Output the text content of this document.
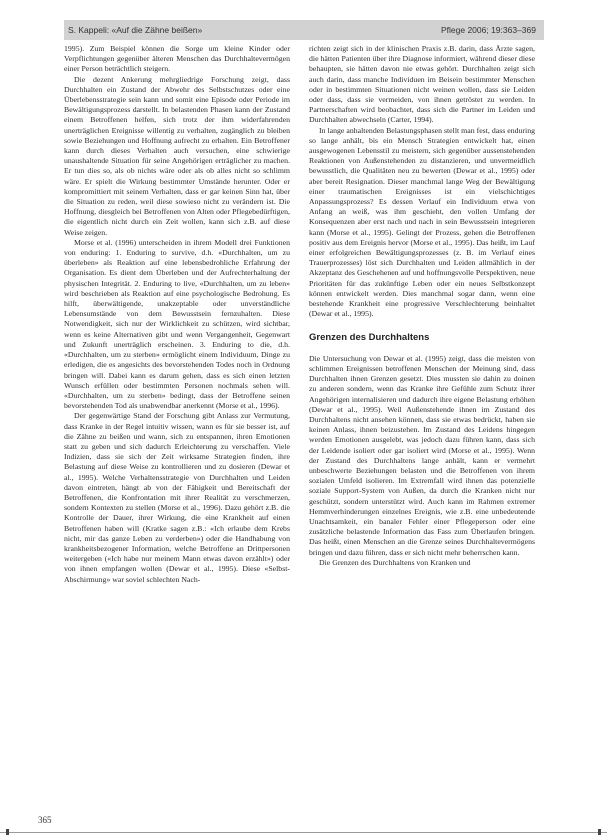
S. Kappeli: «Auf die Zähne beißen»	Pflege 2006; 19:363–369

1995). Zum Beispiel können die Sorge um kleine Kinder oder Verpflichtungen gegenüber älteren Menschen das Durchhaltevermögen einer Person beträchtlich steigern.

Die dezent Ankerung mehrgliedrige Forschung zeigt, dass Durchhalten ein Zustand der Abwehr des Selbstschutzes oder eine Überlebensstrategie sein kann und somit eine Episode oder Periode im Bewältigungsprozess darstellt. In belastenden Phasen kann der Zustand einem Betroffenen helfen, sich trotz der ihm widerfahrenden unerträglichen Ereignisse willentig zu verhalten, zugänglich zu bleiben sowie Beziehungen und Hoffnung aufrecht zu erhalten. Ein Betroffener kann durch dieses Verhalten auch versuchen, eine schwierige unaushaltende Situation für seine Angehörigen erträglicher zu machen. Er tun dies so, als ob nichts wäre oder als ob alles nicht so schlimm wäre. Er spielt die Wirkung bestimmter Umstände herunter. Oder er kompromittiert mit seinem Verhalten, dass er gar keinen Sinn hat, über die Situation zu reden, weil diese sowieso nicht zu verändern ist. Die Hoffnung, diesgleich bei Betroffenen von Alten oder Pflegebedürftigen, die eigentlich nicht durch ein Zeit wollen, kann sich z.B. auf diese Weise zeigen.

Morse et al. (1996) unterscheiden in ihrem Modell drei Funktionen von enduring: 1. Enduring to survive, d.h. «Durchhalten, um zu überleben» als Reaktion auf eine lebensbedrohliche Erfahrung der Organisation. Es dient dem Überleben und der Aufrechterhaltung der physischen Integrität. 2. Enduring to live, «Durchhalten, um zu leben» wird beschrieben als Reaktion auf eine psychologische Bedrohung. Es hilft, überwältigende, unakzeptable oder unverständliche Lebensumstände von dem Bewusstsein fernzuhalten. Diese Notwendigkeit, sich nur der Wirklichkeit zu schützen, wird sichtbar, wenn es keine Alternativen gibt und wenn Vergangenheit, Gegenwart und Zukunft unerträglich erscheinen. 3. Enduring to die, d.h. «Durchhalten, um zu sterben» ermöglicht einem Individuum, Dinge zu erledigen, die es angesichts des bevorstehenden Todes noch in Ordnung bringen will. Dabei kann es darum gehen, dass es sich einen letzten Wunsch erfüllen oder bestimmten Personen nochmals sehen will. «Durchhalten, um zu sterben» bedingt, dass der Betroffene seinen bevorstehenden Tod als unabwendbar anerkennt (Morse et al., 1996).

Der gegenwärtige Stand der Forschung gibt Anlass zur Vermutung, dass Kranke in der Regel intuitiv wissen, wann es für sie besser ist, auf die Zähne zu beißen und wann, sich zu entspannen, ihren Emotionen statt zu geben und sich dadurch Erleichterung zu verschaffen. Viele Indizien, dass sie sich der Zeit wirksame Strategien finden, ihre Belastung auf diese Weise zu kontrollieren und zu dosieren (Dewar et al., 1995). Welche Verhaltensstrategie von Durchhalten und Leiden davon eintreten, hängt ab von der Fähigkeit und Bereitschaft der Betroffenen, die Konfrontation mit ihrer Realität zu verschmerzen, sondern Kontexten zu stellen (Morse et al., 1996). Dazu gehört z.B. die Kontrolle der Dauer, ihrer Wirkung, die eine Krankheit auf einen Betroffenen haben will (Kratke sagen z.B.: «Ich erlaube dem Krebs nicht, mir das ganze Leben zu verderben») oder die Handhabung von krankheitsbezogener Information, welche Betroffene an Drittpersonen weitergeben («Ich habe nur meinem Mann etwas davon erzählt») oder von ihnen empfangen wollen (Dewar et al., 1995). Diese «Selbst-Abschirmung» war soviel schlechten Nach-

richten zeigt sich in der klinischen Praxis z.B. darin, dass Ärzte sagen, die hätten Patienten über ihre Diagnose informiert, während dieser diese behaupten, sie hätten davon nie etwas gehört. Durchhalten zeigt sich auch darin, dass manche Individuen im Beisein bestimmter Menschen oder in bestimmten Situationen nicht weinen wollen, dass sie Leiden oder dass, dass sie vermeiden, von ihnen getröstet zu werden. In Partnerschaften wird beobachtet, dass sich die Partner im Leiden und Durchhalten abwechseln (Carter, 1994).

In lange anhaltenden Belastungsphasen stellt man fest, dass enduring so lange anhält, bis ein Mensch Strategien entwickelt hat, einen ausgewogenen Lebensstil zu meistern, sich gegenüber aussenstehenden Reaktionen von Außenstehenden zu distanzieren, und unvermeidlich bewusstlich, die Qualitäten neu zu bewerten (Dewar et al., 1995) oder aber bereit Resignation. Dieser manchmal lange Weg der Bewältigung einer traumatischen Ereignisses ist ein vielschichtiges Anpassungsprozess? Es dessen Verlauf ein Individuum etwa von Anfang an weiß, was ihm geschieht, den vollen Umfang der Konsequenzen aber erst nach und nach in sein Bewusstsein integrieren kann (Morse et al., 1995). Gelingt der Prozess, gehen die Betroffenen positiv aus dem Ereignis hervor (Morse et al., 1995). Das heißt, im Lauf einer erfolgreichen Bewältigungsprozesses (z. B. im Verlauf eines Trauerprozesses) löst sich Durchhalten und Leiden allmählich in der Akzeptanz des Geschehenen auf und hoffnungsvolle Perspektiven, neue Prioritäten für das zukünftige Leben oder ein neues Selbstkonzept können entwickelt werden. Dies manchmal sogar dann, wenn eine bestehende Krankheit eine progressive Verschlechterung beinhaltet (Dewar et al., 1995).

Grenzen des Durchhaltens

Die Untersuchung von Dewar et al. (1995) zeigt, dass die meisten von schlimmen Ereignissen betroffenen Menschen der Meinung sind, dass Durchhalten ihnen Grenzen gesetzt. Dies mussten sie dahin zu doinen zu anderen sondern, wenn das Kranke ihre Gefühle zum Schutz ihrer Angehörigen internalisieren und dadurch ihre eigene Belastung erhöhen (Dewar et al., 1995). Weil Außenstehende ihnen im Zustand des Durchhaltens nicht ansehen können, dass sie etwas bedrückt, haben sie keinen Anlass, ihnen beizustehen. Im Zustand des Leidens hingegen werden Emotionen ausgelebt, was jedoch dazu führen kann, dass sich der Leidende isoliert oder gar isoliert wird (Morse et al., 1995). Wenn der Zustand des Durchhaltens lange anhält, kann er vermehrt unbeschwerte Beziehungen belasten und die Betroffenen von ihrem sozialen Umfeld isolieren. Im Extremfall wird ihnen das potenzielle soziale Support-System von Außen, da durch die Kranken nicht nur geschützt, sondern unterstützt wird. Auch kann im Rahmen extremer Hemmverhinderungen einzelnes Ereignis, wie z.B. eine unbedeutende Unachtsamkeit, ein banaler Fehler einer Pflegeperson oder eine zusätzliche belastende Information das Fass zum Überlaufen bringen. Das heißt, einen Menschen an die Grenze seines Durchhaltevermögens bringen und dazu führen, dass er sich nicht mehr beherrschen kann.

Die Grenzen des Durchhaltens von Kranken und

365
